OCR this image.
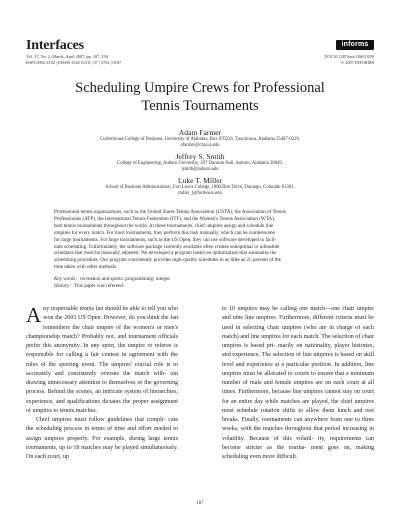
Interfaces
Vol. 37, No. 2, March–April 2007, pp. 187–194
ISSN 0092-2102 | EISSN 1526-551X | 07 | 3702 | 0187
informs
DOI 10.1287/inte.1060.0259
© 2007 INFORMS
Scheduling Umpire Crews for Professional
Tennis Tournaments
Adam Farmer
Culverhouse College of Business, University of Alabama, Box 870226, Tuscaloosa, Alabama 35487-0226,
afarmer@cba.ua.edu
Jeffrey S. Smith
College of Engineering, Auburn University, 207 Dunstan Hall, Auburn, Alabama 36849,
jsmith@auburn.edu
Luke T. Miller
School of Business Administration, Fort Lewis College, 1000 Rim Drive, Durango, Colorado 81301,
miller_l@fortlewis.edu
Professional tennis organizations, such as the United States Tennis Association (USTA), the Association of Tennis
Professionals (ATP), the International Tennis Federation (ITF), and the Women's Tennis Association (WTA),
host tennis tournaments throughout the world. At these tournaments, chief umpires assign and schedule line
umpires for every match. For most tournaments, they perform this task manually, which can be cumbersome
for large tournaments. For large tournaments, such as the US Open, they can use software developed to facil-
itate scheduling. Unfortunately, the software package currently available often creates suboptimal or infeasible
schedules that must be manually adjusted. We developed a program based on optimization that automates the
scheduling procedure. Our program consistently provides high-quality schedules in as little as 25 percent of the
time taken with other methods.
Key words: recreation and sports: programming: integer.
History: This paper was refereed.
A ny respectable tennis fan should be able to tell you who won the 2003 US Open. However, do you think the fan remembers the chair umpire of the women's or men's championship match? Probably not, and tournament officials prefer this anonymity. In any sport, the umpire or referee is responsible for calling a fair contest in agreement with the rules of the sporting event. The umpires' crucial role is to accurately and consistently oversee the match with- out drawing unnecessary attention to themselves or the governing process. Behind the scenes, an intricate system of hierarchies, experience, and qualifications dictates the proper assignment of umpires to tennis matches.

Chief umpires must follow guidelines that compli- cate the scheduling process in terms of time and effort needed to assign umpires properly. For example, during large tennis tournaments, up to 18 matches may be played simultaneously. On each court, up

to 10 umpires may be calling one match—one chair umpire and nine line umpires. Furthermore, different criteria must be used in selecting chair umpires (who are in charge of each match) and line umpires for each match. The selection of chair umpires is based pri- marily on nationality, player histories, and experience. The selection of line umpires is based on skill level and experience at a particular position. In addition, line umpires must be allocated to courts to ensure that a minimum number of male and female umpires are on each court at all times. Furthermore, because line umpires cannot stay on court for an entire day while matches are played, the chief umpires must schedule rotation shifts to allow them lunch and rest breaks. Finally, tournaments can anywhere from one to three weeks, with the matches throughout that period increasing in volatility. Because of this volatil- ity, requirements can become stricter as the tourna- ment goes on, making scheduling even more difficult.

187
